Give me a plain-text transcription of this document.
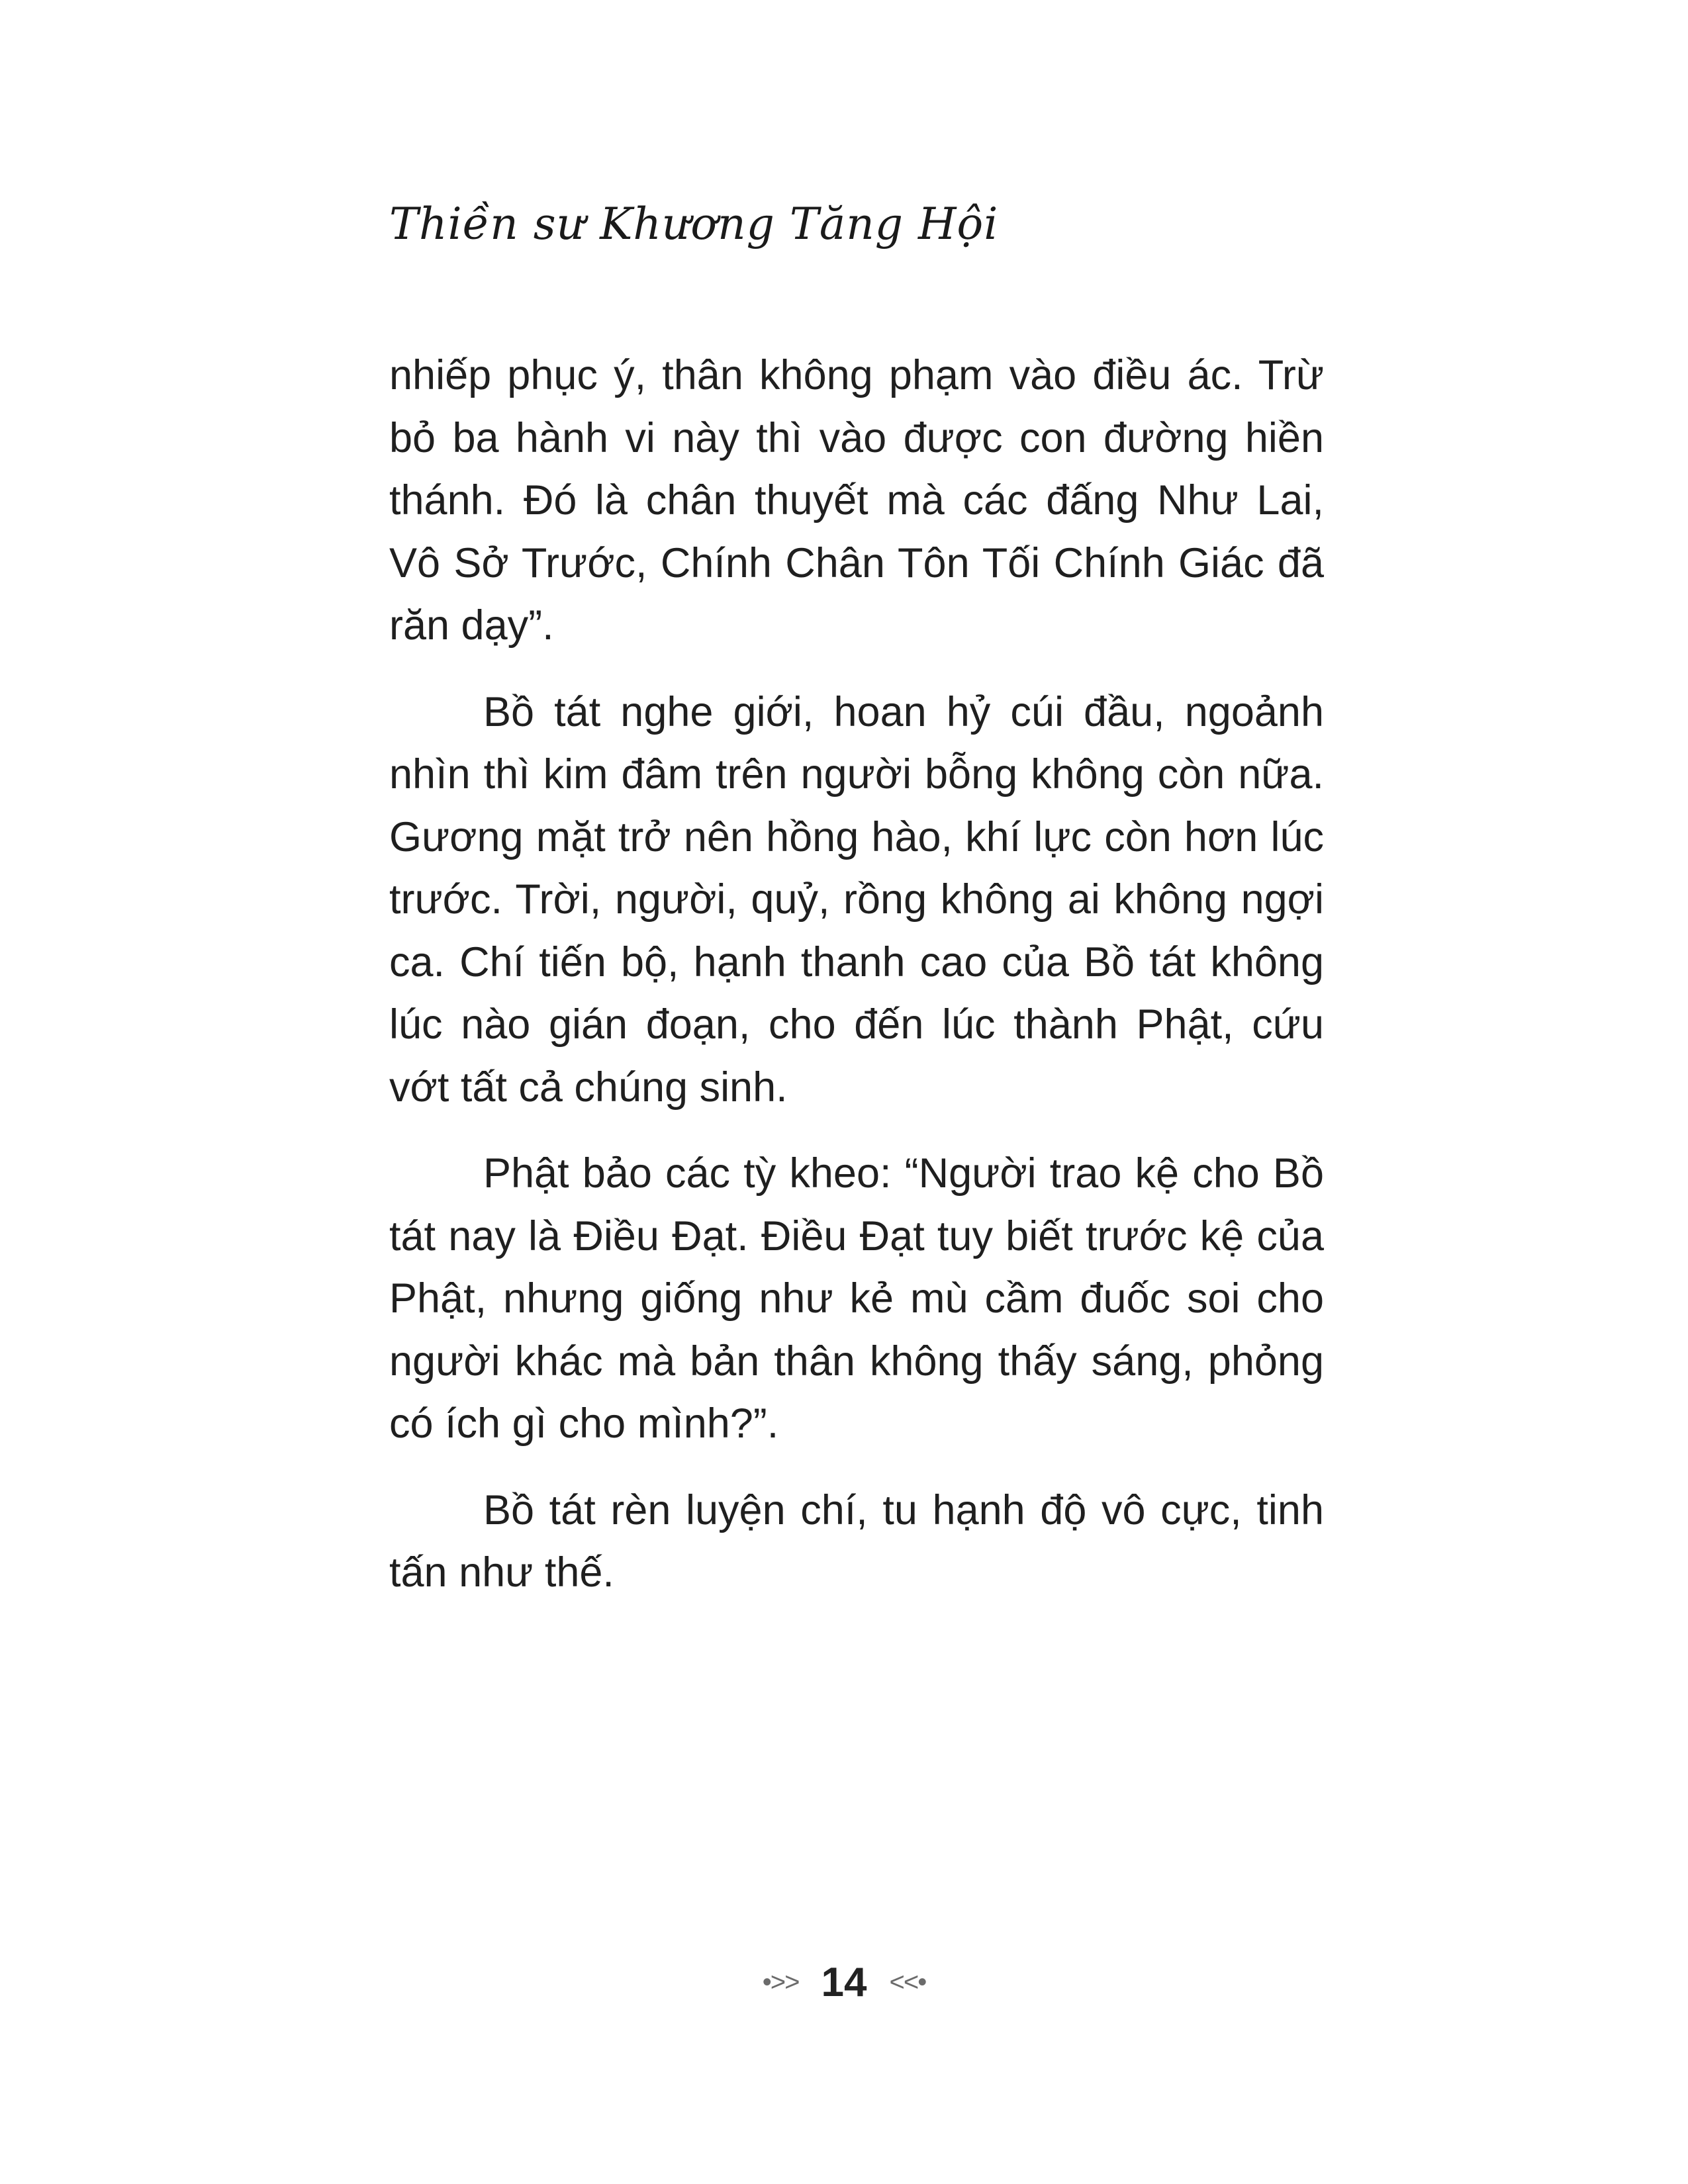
Thiền sư Khương Tăng Hội

nhiếp phục ý, thân không phạm vào điều ác. Trừ bỏ ba hành vi này thì vào được con đường hiền thánh. Đó là chân thuyết mà các đấng Như Lai, Vô Sở Trước, Chính Chân Tôn Tối Chính Giác đã răn dạy”.

Bồ tát nghe giới, hoan hỷ cúi đầu, ngoảnh nhìn thì kim đâm trên người bỗng không còn nữa. Gương mặt trở nên hồng hào, khí lực còn hơn lúc trước. Trời, người, quỷ, rồng không ai không ngợi ca. Chí tiến bộ, hạnh thanh cao của Bồ tát không lúc nào gián đoạn, cho đến lúc thành Phật, cứu vớt tất cả chúng sinh.

Phật bảo các tỳ kheo: “Người trao kệ cho Bồ tát nay là Điều Đạt. Điều Đạt tuy biết trước kệ của Phật, nhưng giống như kẻ mù cầm đuốc soi cho người khác mà bản thân không thấy sáng, phỏng có ích gì cho mình?”.

Bồ tát rèn luyện chí, tu hạnh độ vô cực, tinh tấn như thế.

•>> 14 <<•
